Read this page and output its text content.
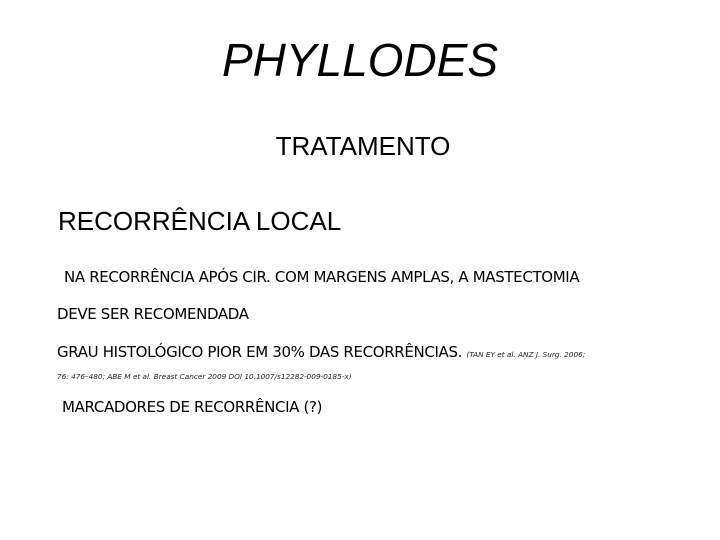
PHYLLODES
TRATAMENTO
RECORRÊNCIA LOCAL
NA RECORRÊNCIA APÓS CIR. COM MARGENS AMPLAS, A MASTECTOMIA
DEVE SER RECOMENDADA
GRAU HISTOLÓGICO PIOR EM 30% DAS RECORRÊNCIAS. (TAN EY et al. ANZ J. Surg. 2006;
76: 476–480; ABE M et al. Breast Cancer 2009 DOI 10.1007/s12282-009-0185-x)
MARCADORES DE RECORRÊNCIA (?)
